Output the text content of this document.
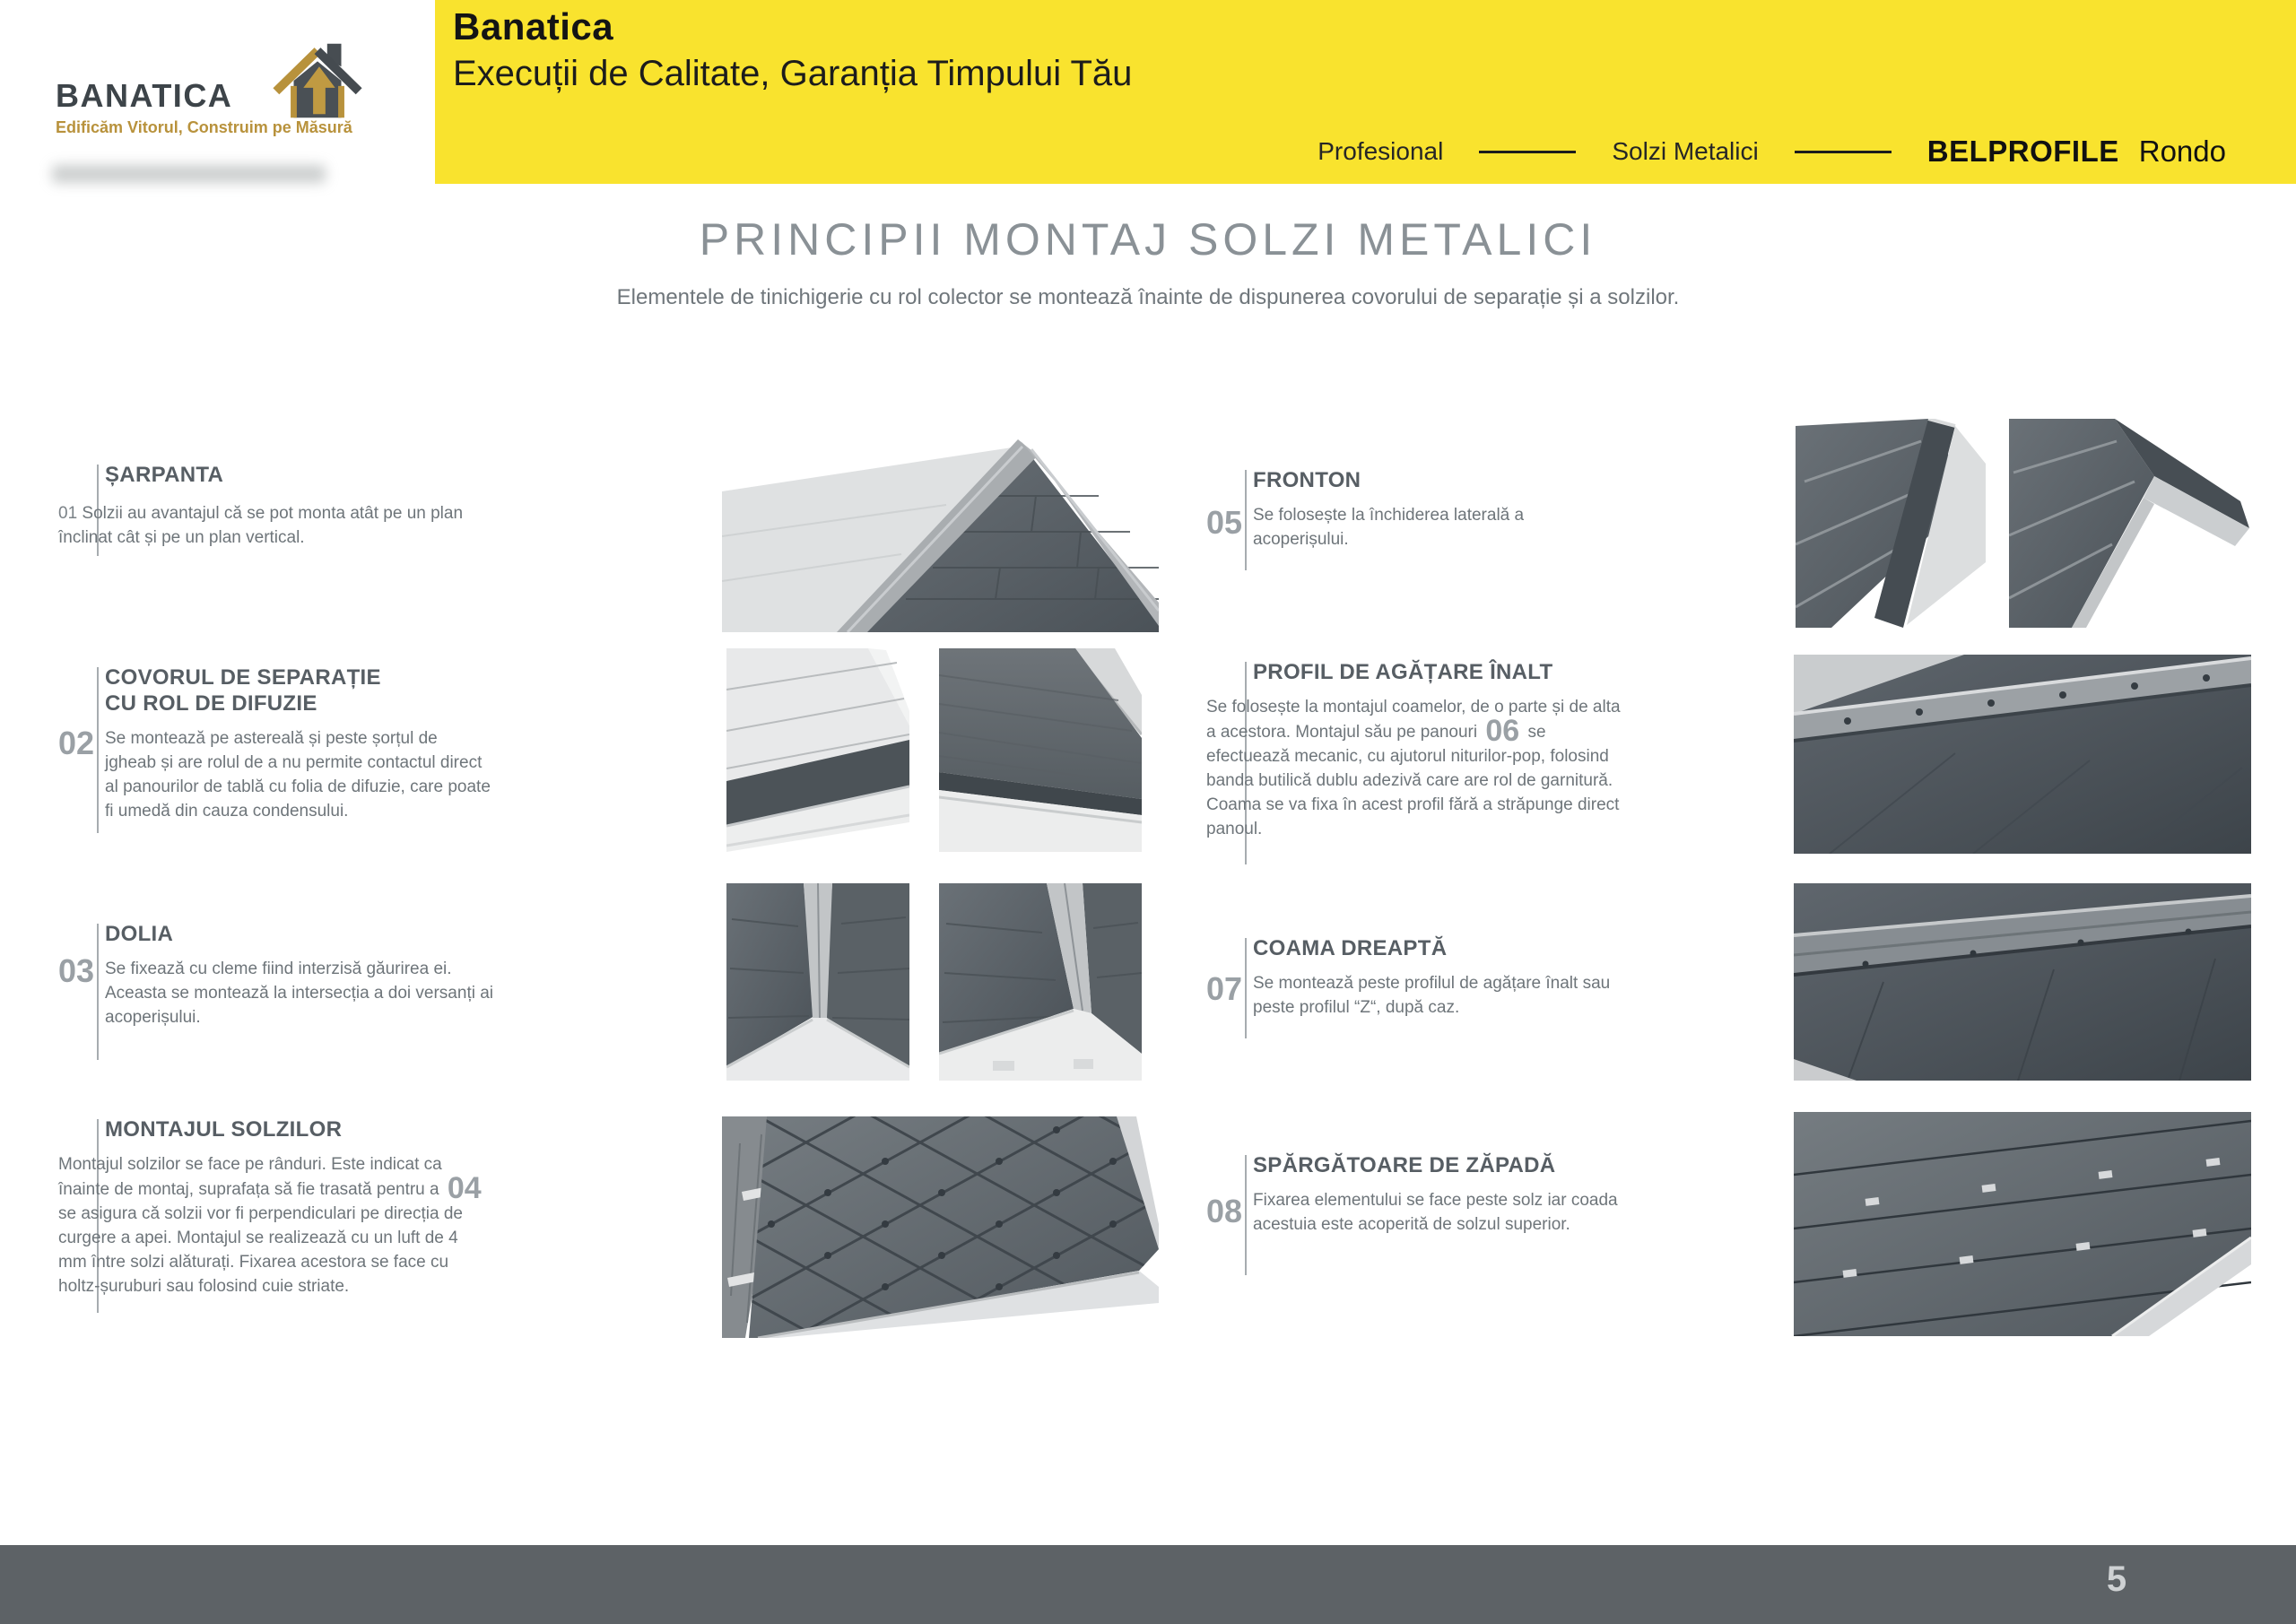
BANATICA
Edificăm Vitorul, Construim pe Măsură
Banatica
Execuții de Calitate, Garanția Timpului Tău
Profesional	Solzi Metalici	BELPROFILE Rondo
PRINCIPII MONTAJ SOLZI METALICI
Elementele de tinichigerie cu rol colector se montează înainte de dispunerea covorului de separație și a solzilor.
ȘARPANTA

01 Solzii au avantajul că se pot monta atât pe un plan înclinat cât și pe un plan vertical.

02
COVORUL DE SEPARAȚIE CU ROL DE DIFUZIE

Se montează pe astereală și peste șorțul de jgheab și are rolul de a nu permite contactul direct al panourilor de tablă cu folia de difuzie, care poate fi umedă din cauza condensului.

03
DOLIA

Se fixează cu cleme fiind interzisă găurirea ei. Aceasta se montează la intersecția a doi versanți ai acoperișului.

MONTAJUL SOLZILOR

Montajul solzilor se face pe rânduri. Este indicat ca înainte de montaj, suprafața să fie trasată pentru a 04 se asigura că solzii vor fi perpendiculari pe direcția de curgere a apei. Montajul se realizează cu un luft de 4 mm între solzi alăturați. Fixarea acestora se face cu holtz-șuruburi sau folosind cuie striate.

05
FRONTON

Se folosește la închiderea laterală a acoperișului.

PROFIL DE AGĂȚARE ÎNALT

Se folosește la montajul coamelor, de o parte și de alta a acestora. Montajul său pe panouri 06 se efectuează mecanic, cu ajutorul niturilor-pop, folosind banda butilică dublu adezivă care are rol de garnitură. Coama se va fixa în acest profil fără a străpunge direct panoul.

07
COAMA DREAPTĂ

Se montează peste profilul de agățare înalt sau peste profilul “Z“, după caz.

08
SPĂRGĂTOARE DE ZĂPADĂ

Fixarea elementului se face peste solz iar coada acestuia este acoperită de solzul superior.

5
